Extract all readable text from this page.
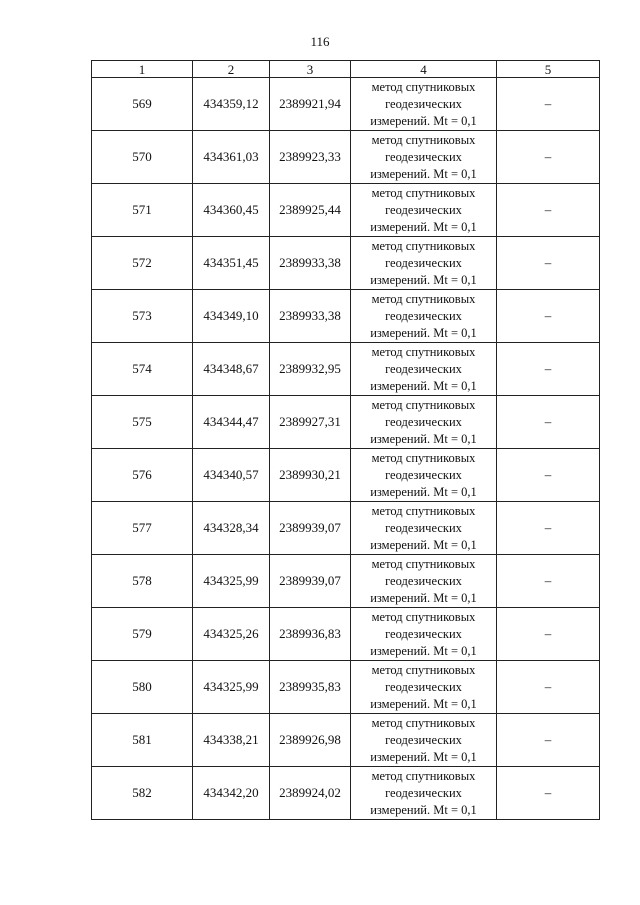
116
1	2	3	4	5
569	434359,12	2389921,94	метод спутниковых
геодезических
измерений. Mt = 0,1	–
570	434361,03	2389923,33	метод спутниковых
геодезических
измерений. Mt = 0,1	–
571	434360,45	2389925,44	метод спутниковых
геодезических
измерений. Mt = 0,1	–
572	434351,45	2389933,38	метод спутниковых
геодезических
измерений. Mt = 0,1	–
573	434349,10	2389933,38	метод спутниковых
геодезических
измерений. Mt = 0,1	–
574	434348,67	2389932,95	метод спутниковых
геодезических
измерений. Mt = 0,1	–
575	434344,47	2389927,31	метод спутниковых
геодезических
измерений. Mt = 0,1	–
576	434340,57	2389930,21	метод спутниковых
геодезических
измерений. Mt = 0,1	–
577	434328,34	2389939,07	метод спутниковых
геодезических
измерений. Mt = 0,1	–
578	434325,99	2389939,07	метод спутниковых
геодезических
измерений. Mt = 0,1	–
579	434325,26	2389936,83	метод спутниковых
геодезических
измерений. Mt = 0,1	–
580	434325,99	2389935,83	метод спутниковых
геодезических
измерений. Mt = 0,1	–
581	434338,21	2389926,98	метод спутниковых
геодезических
измерений. Mt = 0,1	–
582	434342,20	2389924,02	метод спутниковых
геодезических
измерений. Mt = 0,1	–
